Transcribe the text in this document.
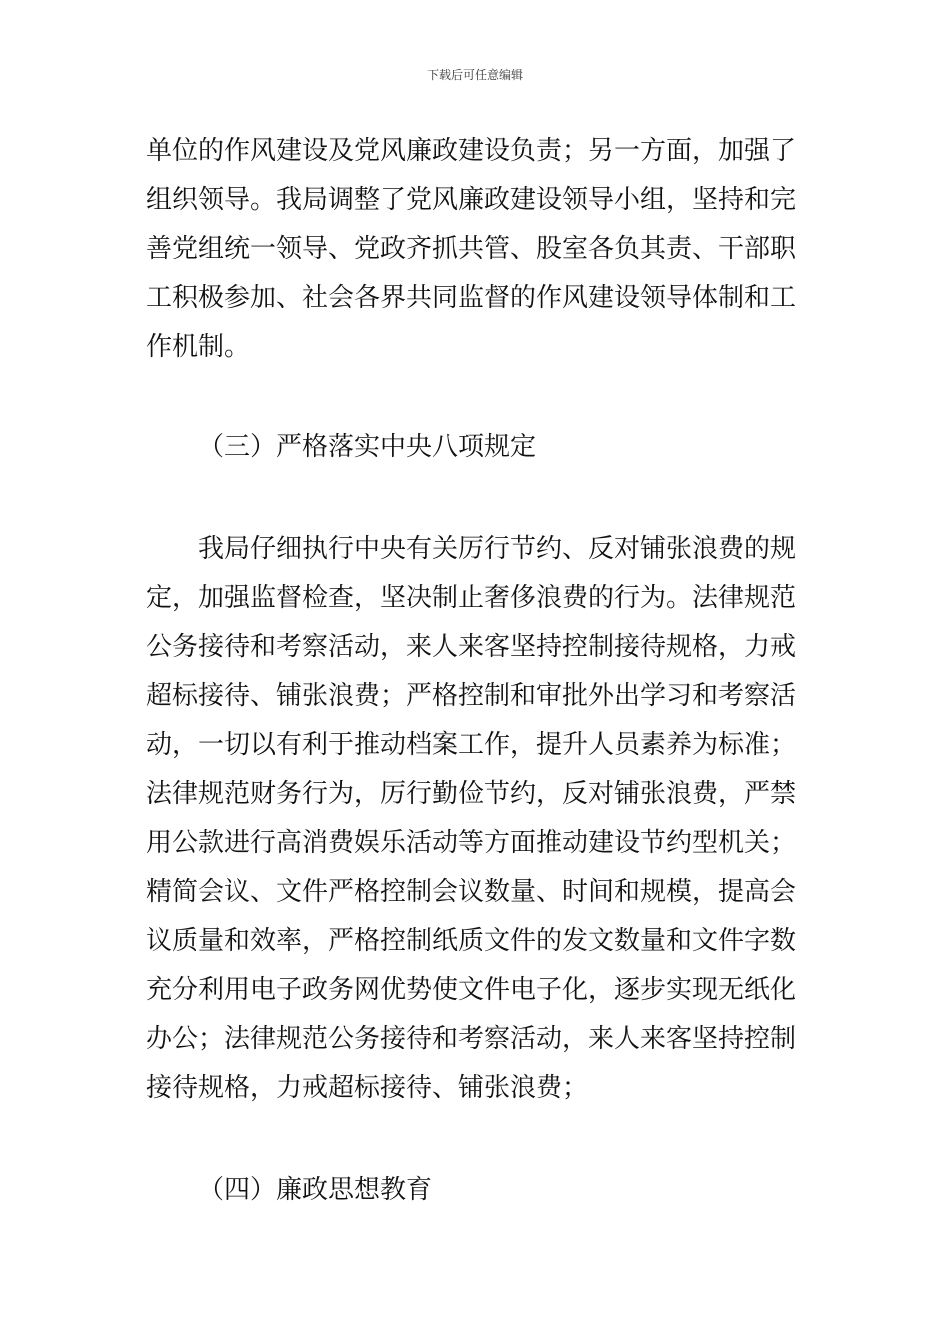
下载后可任意编辑
单位的作风建设及党风廉政建设负责；另一方面，加强了
组织领导。我局调整了党风廉政建设领导小组，坚持和完
善党组统一领导、党政齐抓共管、股室各负其责、干部职
工积极参加、社会各界共同监督的作风建设领导体制和工
作机制。
（三）严格落实中央八项规定
我局仔细执行中央有关厉行节约、反对铺张浪费的规
定，加强监督检查，坚决制止奢侈浪费的行为。法律规范
公务接待和考察活动，来人来客坚持控制接待规格，力戒
超标接待、铺张浪费；严格控制和审批外出学习和考察活
动，一切以有利于推动档案工作，提升人员素养为标准；
法律规范财务行为，厉行勤俭节约，反对铺张浪费，严禁
用公款进行高消费娱乐活动等方面推动建设节约型机关；
精简会议、文件严格控制会议数量、时间和规模，提高会
议质量和效率，严格控制纸质文件的发文数量和文件字数
充分利用电子政务网优势使文件电子化，逐步实现无纸化
办公；法律规范公务接待和考察活动，来人来客坚持控制
接待规格，力戒超标接待、铺张浪费；
（四）廉政思想教育
